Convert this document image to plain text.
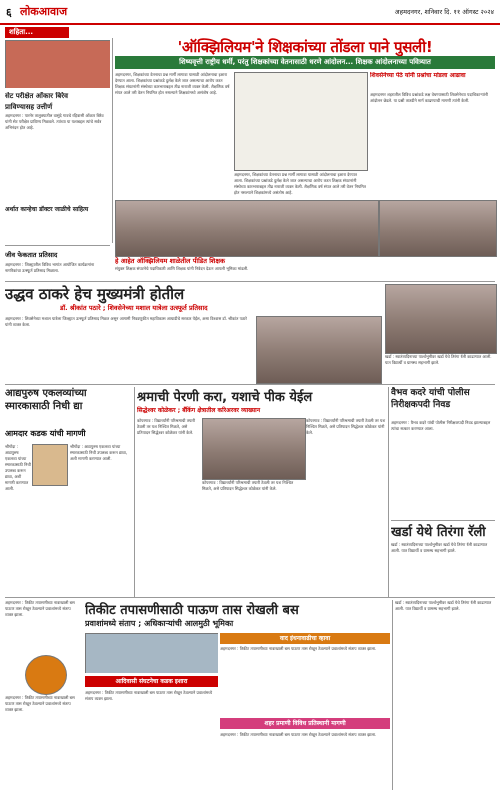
६ लोकआवाज	अहमदनगर, शनिवार दि. ११ ऑगस्ट २०२४
शहिता...
'ऑक्झिलियम'ने शिक्षकांच्या तोंडला पाने पुसली!
शिष्यवृत्ती राष्ट्रीय धर्मी, परंतु शिक्षकांच्या वेतनासाठी धरणे आंदोलन... शिक्षक आंदोलनाच्या पवित्र्यात
सेट परीक्षेत ओंकार बिरेव
प्राविण्यासह उत्तीर्ण
अहमदनगर : पारनेर तालुक्यातील वासुंदे गावचे रहिवासी ओंकार बिरेव यांनी सेट परीक्षेत प्राविण्य मिळवले. त्यांच्या या यशाबद्दल त्यांचे सर्वत्र अभिनंदन होत आहे.
अर्थात कान्हेचा डॉक्टर जाळीचे साहित्य
अहमदनगर, शिक्षकांच्या वेतनाचा प्रश्न मार्गी लागावा यासाठी आंदोलनाचा इशारा देण्यात आला. शिक्षकांच्या प्रश्नांकडे दुर्लक्ष केले जात असल्याचा आरोप करत शिक्षक संघटनांनी संस्थेच्या कारभाराबद्दल तीव्र नाराजी व्यक्त केली. शैक्षणिक वर्ष संपत आले तरी वेतन नियमित होत नसल्याने शिक्षकांमध्ये असंतोष आहे.
अहमदनगर, शिक्षकांच्या वेतनाचा प्रश्न मार्गी लागावा यासाठी आंदोलनाचा इशारा देण्यात आला. शिक्षकांच्या प्रश्नांकडे दुर्लक्ष केले जात असल्याचा आरोप करत शिक्षक संघटनांनी संस्थेच्या कारभाराबद्दल तीव्र नाराजी व्यक्त केली. शैक्षणिक वर्ष संपत आले तरी वेतन नियमित होत नसल्याने शिक्षकांमध्ये असंतोष आहे.
शिवसेनेच्या पेठे यांनी प्रश्नांचा मांडला आढावा
अहमदनगर शहरातील विविध प्रश्नांकडे लक्ष वेधण्यासाठी शिवसेनेच्या पदाधिकाऱ्यांनी आंदोलन छेडले. या प्रश्नी तातडीने मार्ग काढण्याची मागणी त्यांनी केली.
हे आहेत ऑक्झिलियम शाळेतील पीडित शिक्षक
संयुक्त शिक्षक संघटनेचे पदाधिकारी आणि शिक्षक यांनी निवेदन देऊन आपली भूमिका मांडली.
जीव फेकतात प्रतिसाद
अहमदनगर : जिल्ह्यातील विविध भागांत आयोजित कार्यक्रमांना नागरिकांचा उत्स्फूर्त प्रतिसाद मिळाला.
उद्धव ठाकरे हेच मुख्यमंत्री होतील
डॉ. श्रीकांत पठारे ; शिवसेनेच्या मशाल यात्रेला उत्स्फूर्त प्रतिसाद
अहमदनगर : शिवसेनेच्या मशाल यात्रेला जिल्ह्यात उत्स्फूर्त प्रतिसाद मिळत असून आगामी निवडणुकीत महाविकास आघाडीचे सरकार येईल, असा विश्वास डॉ. श्रीकांत पठारे यांनी व्यक्त केला.
खर्डा : स्वातंत्र्यदिनाच्या पार्श्वभूमीवर खर्डा येथे तिरंगा रॅली काढण्यात आली. यात विद्यार्थी व ग्रामस्थ सहभागी झाले.
आद्यपुरुष एकलव्यांच्या स्मारकासाठी निधी द्या
आमदार कडक यांची मागणी
श्रीगोंदा : आद्यपुरुष एकलव्य यांच्या स्मारकासाठी निधी उपलब्ध करून द्यावा, अशी मागणी करण्यात आली.
श्रीगोंदा : आद्यपुरुष एकलव्य यांच्या स्मारकासाठी निधी उपलब्ध करून द्यावा, अशी मागणी करण्यात आली.
श्रमाची पेरणी करा, यशाचे पीक येईल
सिद्धेश्वर कोळेकर ; बँकिंग क्षेत्रातील करिअरवर व्याख्यान
कोपरगाव : विद्यार्थ्यांनी परिश्रमाची तयारी ठेवली तर यश निश्चित मिळते, असे प्रतिपादन सिद्धेश्वर कोळेकर यांनी केले.
कोपरगाव : विद्यार्थ्यांनी परिश्रमाची तयारी ठेवली तर यश निश्चित मिळते, असे प्रतिपादन सिद्धेश्वर कोळेकर यांनी केले.
कोपरगाव : विद्यार्थ्यांनी परिश्रमाची तयारी ठेवली तर यश निश्चित मिळते, असे प्रतिपादन सिद्धेश्वर कोळेकर यांनी केले.
वैभव कदरे यांची पोलीस निरीक्षकपदी निवड
अहमदनगर : वैभव कदरे यांची पोलीस निरीक्षकपदी निवड झाल्याबद्दल त्यांचा सत्कार करण्यात आला.
खर्डा येथे तिरंगा रॅली
खर्डा : स्वातंत्र्यदिनाच्या पार्श्वभूमीवर खर्डा येथे तिरंगा रॅली काढण्यात आली. यात विद्यार्थी व ग्रामस्थ सहभागी झाले.
तिकीट तपासणीसाठी पाऊण तास रोखली बस
प्रवाशांमध्ये संताप ; अधिकाऱ्यांची आलमुठी भूमिका
अहमदनगर : तिकीट तपासणीच्या नावाखाली बस पाऊण तास रोखून ठेवल्याने प्रवाशांमध्ये संताप व्यक्त झाला.
अहमदनगर : तिकीट तपासणीच्या नावाखाली बस पाऊण तास रोखून ठेवल्याने प्रवाशांमध्ये संताप व्यक्त झाला.
वाद इंधनावाढीचा व्हावा
अहमदनगर : तिकीट तपासणीच्या नावाखाली बस पाऊण तास रोखून ठेवल्याने प्रवाशांमध्ये संताप व्यक्त झाला.
आदिवासी संघटनेचा कडक इशारा
अहमदनगर : तिकीट तपासणीच्या नावाखाली बस पाऊण तास रोखून ठेवल्याने प्रवाशांमध्ये संताप व्यक्त झाला.
शहर प्रमाणी विविध प्रतिस्थानी मागणी
अहमदनगर : तिकीट तपासणीच्या नावाखाली बस पाऊण तास रोखून ठेवल्याने प्रवाशांमध्ये संताप व्यक्त झाला.
खर्डा : स्वातंत्र्यदिनाच्या पार्श्वभूमीवर खर्डा येथे तिरंगा रॅली काढण्यात आली. यात विद्यार्थी व ग्रामस्थ सहभागी झाले.
